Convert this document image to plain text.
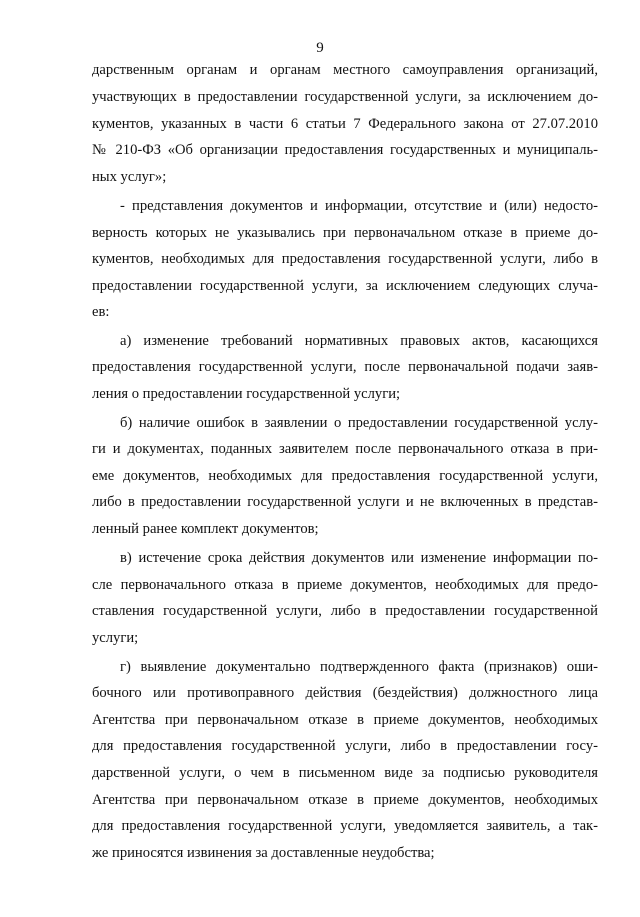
9
дарственным органам и органам местного самоуправления организаций,
участвующих в предоставлении государственной услуги, за исключением до-
кументов, указанных в части 6 статьи 7 Федерального закона от 27.07.2010
№ 210-ФЗ «Об организации предоставления государственных и муниципаль-
ных услуг»;
- представления документов и информации, отсутствие и (или) недосто-
верность которых не указывались при первоначальном отказе в приеме до-
кументов, необходимых для предоставления государственной услуги, либо в
предоставлении государственной услуги, за исключением следующих случа-
ев:
а) изменение требований нормативных правовых актов, касающихся
предоставления государственной услуги, после первоначальной подачи заяв-
ления о предоставлении государственной услуги;
б) наличие ошибок в заявлении о предоставлении государственной услу-
ги и документах, поданных заявителем после первоначального отказа в при-
еме документов, необходимых для предоставления государственной услуги,
либо в предоставлении государственной услуги и не включенных в представ-
ленный ранее комплект документов;
в) истечение срока действия документов или изменение информации по-
сле первоначального отказа в приеме документов, необходимых для предо-
ставления государственной услуги, либо в предоставлении государственной
услуги;
г) выявление документально подтвержденного факта (признаков) оши-
бочного или противоправного действия (бездействия) должностного лица
Агентства при первоначальном отказе в приеме документов, необходимых
для предоставления государственной услуги, либо в предоставлении госу-
дарственной услуги, о чем в письменном виде за подписью руководителя
Агентства при первоначальном отказе в приеме документов, необходимых
для предоставления государственной услуги, уведомляется заявитель, а так-
же приносятся извинения за доставленные неудобства;
